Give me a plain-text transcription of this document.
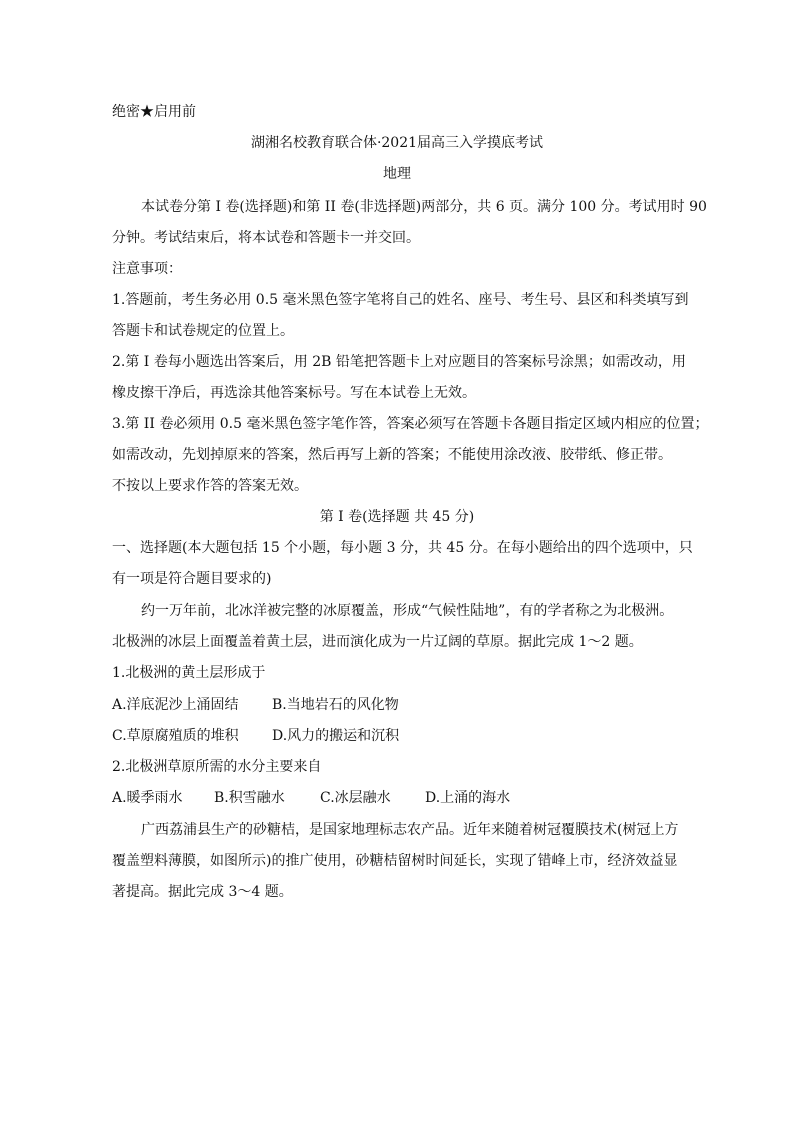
绝密★启用前
湖湘名校教育联合体·2021届高三入学摸底考试
地理
本试卷分第 I 卷(选择题)和第 II 卷(非选择题)两部分，共 6 页。满分 100 分。考试用时 90
分钟。考试结束后，将本试卷和答题卡一并交回。
注意事项：
1.答题前，考生务必用 0.5 毫米黑色签字笔将自己的姓名、座号、考生号、县区和科类填写到
答题卡和试卷规定的位置上。
2.第 I 卷每小题选出答案后，用 2B 铅笔把答题卡上对应题目的答案标号涂黑；如需改动，用
橡皮擦干净后，再选涂其他答案标号。写在本试卷上无效。
3.第 II 卷必须用 0.5 毫米黑色签字笔作答，答案必须写在答题卡各题目指定区域内相应的位置；
如需改动，先划掉原来的答案，然后再写上新的答案；不能使用涂改液、胶带纸、修正带。
不按以上要求作答的答案无效。
第 I 卷(选择题 共 45 分)
一、选择题(本大题包括 15 个小题，每小题 3 分，共 45 分。在每小题给出的四个选项中，只
有一项是符合题目要求的)
约一万年前，北冰洋被完整的冰原覆盖，形成“气候性陆地”，有的学者称之为北极洲。
北极洲的冰层上面覆盖着黄土层，进而演化成为一片辽阔的草原。据此完成 1～2 题。
1.北极洲的黄土层形成于
A.洋底泥沙上涌固结 B.当地岩石的风化物
C.草原腐殖质的堆积 D.风力的搬运和沉积
2.北极洲草原所需的水分主要来自
A.暖季雨水 B.积雪融水	C.冰层融水 D.上涌的海水
广西荔浦县生产的砂糖桔，是国家地理标志农产品。近年来随着树冠覆膜技术(树冠上方
覆盖塑料薄膜，如图所示)的推广使用，砂糖桔留树时间延长，实现了错峰上市，经济效益显
著提高。据此完成 3～4 题。
